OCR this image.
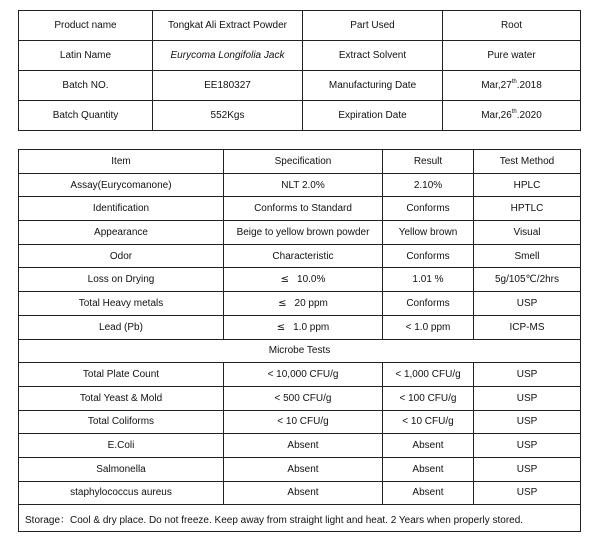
Product name	Tongkat Ali Extract Powder	Part Used	Root
Latin Name	Eurycoma Longifolia Jack	Extract Solvent	Pure water
Batch NO.	EE180327	Manufacturing Date	Mar,27th.2018
Batch Quantity	552Kgs	Expiration Date	Mar,26th.2020
Item	Specification	Result	Test Method
Assay(Eurycomanone)	NLT 2.0%	2.10%	HPLC
Identification	Conforms to Standard	Conforms	HPTLC
Appearance	Beige to yellow brown powder	Yellow brown	Visual
Odor	Characteristic	Conforms	Smell
Loss on Drying	≤ 10.0%	1.01 %	5g/105℃/2hrs
Total Heavy metals	≤ 20 ppm	Conforms	USP
Lead (Pb)	≤ 1.0 ppm	< 1.0 ppm	ICP-MS
Microbe Tests			
Total Plate Count	< 10,000 CFU/g	< 1,000 CFU/g	USP
Total Yeast & Mold	< 500 CFU/g	< 100 CFU/g	USP
Total Coliforms	< 10 CFU/g	< 10 CFU/g	USP
E.Coli	Absent	Absent	USP
Salmonella	Absent	Absent	USP
staphylococcus aureus	Absent	Absent	USP
Storage：Cool & dry place. Do not freeze. Keep away from straight light and heat. 2 Years when properly stored.			
